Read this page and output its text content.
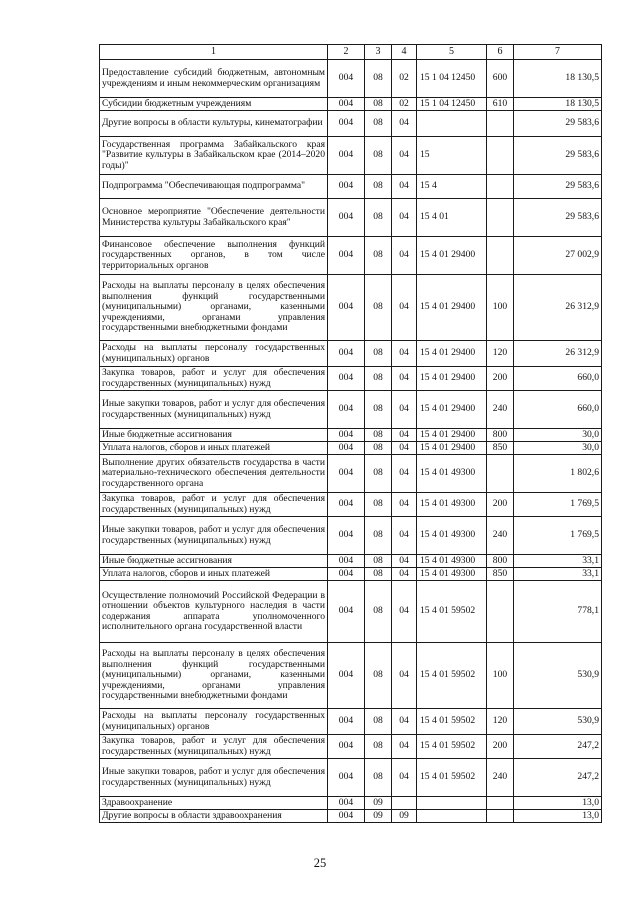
1	2	3	4	5	6	7
Предоставление субсидий бюджетным, автономным учреждениям и иным некоммерческим организациям	004	08	02	15 1 04 12450	600	18 130,5
Субсидии бюджетным учреждениям	004	08	02	15 1 04 12450	610	18 130,5
Другие вопросы в области культуры, кинематографии	004	08	04			29 583,6
Государственная программа Забайкальского края "Развитие культуры в Забайкальском крае (2014–2020 годы)"	004	08	04	15		29 583,6
Подпрограмма "Обеспечивающая подпрограмма"	004	08	04	15 4		29 583,6
Основное мероприятие "Обеспечение деятельности Министерства культуры Забайкальского края"	004	08	04	15 4 01		29 583,6
Финансовое обеспечение выполнения функций государственных органов, в том числе территориальных органов	004	08	04	15 4 01 29400		27 002,9
Расходы на выплаты персоналу в целях обеспечения выполнения функций государственными (муниципальными) органами, казенными учреждениями, органами управления государственными внебюджетными фондами	004	08	04	15 4 01 29400	100	26 312,9
Расходы на выплаты персоналу государственных (муниципальных) органов	004	08	04	15 4 01 29400	120	26 312,9
Закупка товаров, работ и услуг для обеспечения государственных (муниципальных) нужд	004	08	04	15 4 01 29400	200	660,0
Иные закупки товаров, работ и услуг для обеспечения государственных (муниципальных) нужд	004	08	04	15 4 01 29400	240	660,0
Иные бюджетные ассигнования	004	08	04	15 4 01 29400	800	30,0
Уплата налогов, сборов и иных платежей	004	08	04	15 4 01 29400	850	30,0
Выполнение других обязательств государства в части материально-технического обеспечения деятельности государственного органа	004	08	04	15 4 01 49300		1 802,6
Закупка товаров, работ и услуг для обеспечения государственных (муниципальных) нужд	004	08	04	15 4 01 49300	200	1 769,5
Иные закупки товаров, работ и услуг для обеспечения государственных (муниципальных) нужд	004	08	04	15 4 01 49300	240	1 769,5
Иные бюджетные ассигнования	004	08	04	15 4 01 49300	800	33,1
Уплата налогов, сборов и иных платежей	004	08	04	15 4 01 49300	850	33,1
Осуществление полномочий Российской Федерации в отношении объектов культурного наследия в части содержания аппарата уполномоченного исполнительного органа государственной власти	004	08	04	15 4 01 59502		778,1
Расходы на выплаты персоналу в целях обеспечения выполнения функций государственными (муниципальными) органами, казенными учреждениями, органами управления государственными внебюджетными фондами	004	08	04	15 4 01 59502	100	530,9
Расходы на выплаты персоналу государственных (муниципальных) органов	004	08	04	15 4 01 59502	120	530,9
Закупка товаров, работ и услуг для обеспечения государственных (муниципальных) нужд	004	08	04	15 4 01 59502	200	247,2
Иные закупки товаров, работ и услуг для обеспечения государственных (муниципальных) нужд	004	08	04	15 4 01 59502	240	247,2
Здравоохранение	004	09				13,0
Другие вопросы в области здравоохранения	004	09	09			13,0
25
